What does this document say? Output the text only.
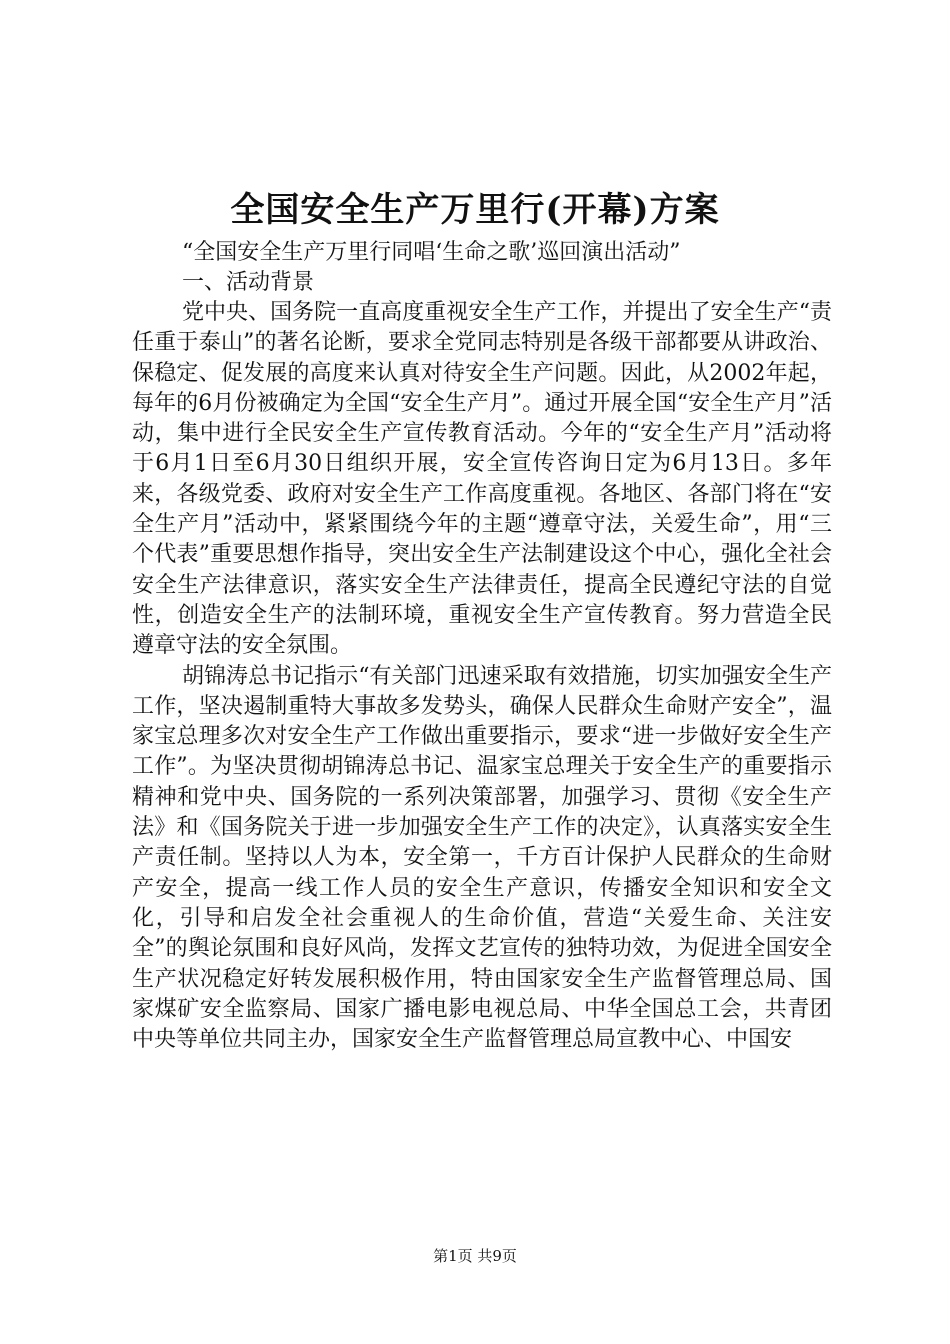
全国安全生产万里行(开幕)方案
“全国安全生产万里行同唱‘生命之歌’巡回演出活动”
一、活动背景

党中央、国务院一直高度重视安全生产工作，并提出了安全生产“责任重于泰山”的著名论断，要求全党同志特别是各级干部都要从讲政治、保稳定、促发展的高度来认真对待安全生产问题。因此，从2002年起，每年的6月份被确定为全国“安全生产月”。通过开展全国“安全生产月”活动，集中进行全民安全生产宣传教育活动。今年的“安全生产月”活动将于6月1日至6月30日组织开展，安全宣传咨询日定为6月13日。多年来，各级党委、政府对安全生产工作高度重视。各地区、各部门将在“安全生产月”活动中，紧紧围绕今年的主题“遵章守法，关爱生命”，用“三个代表”重要思想作指导，突出安全生产法制建设这个中心，强化全社会安全生产法律意识，落实安全生产法律责任，提高全民遵纪守法的自觉性，创造安全生产的法制环境，重视安全生产宣传教育。努力营造全民遵章守法的安全氛围。

胡锦涛总书记指示“有关部门迅速采取有效措施，切实加强安全生产工作，坚决遏制重特大事故多发势头，确保人民群众生命财产安全”，温家宝总理多次对安全生产工作做出重要指示，要求“进一步做好安全生产工作”。为坚决贯彻胡锦涛总书记、温家宝总理关于安全生产的重要指示精神和党中央、国务院的一系列决策部署，加强学习、贯彻《安全生产法》和《国务院关于进一步加强安全生产工作的决定》，认真落实安全生产责任制。坚持以人为本，安全第一，千方百计保护人民群众的生命财产安全，提高一线工作人员的安全生产意识，传播安全知识和安全文化，引导和启发全社会重视人的生命价值，营造“关爱生命、关注安全”的舆论氛围和良好风尚，发挥文艺宣传的独特功效，为促进全国安全生产状况稳定好转发展积极作用，特由国家安全生产监督管理总局、国家煤矿安全监察局、国家广播电影电视总局、中华全国总工会，共青团中央等单位共同主办，国家安全生产监督管理总局宣教中心、中国安

第1页 共9页
